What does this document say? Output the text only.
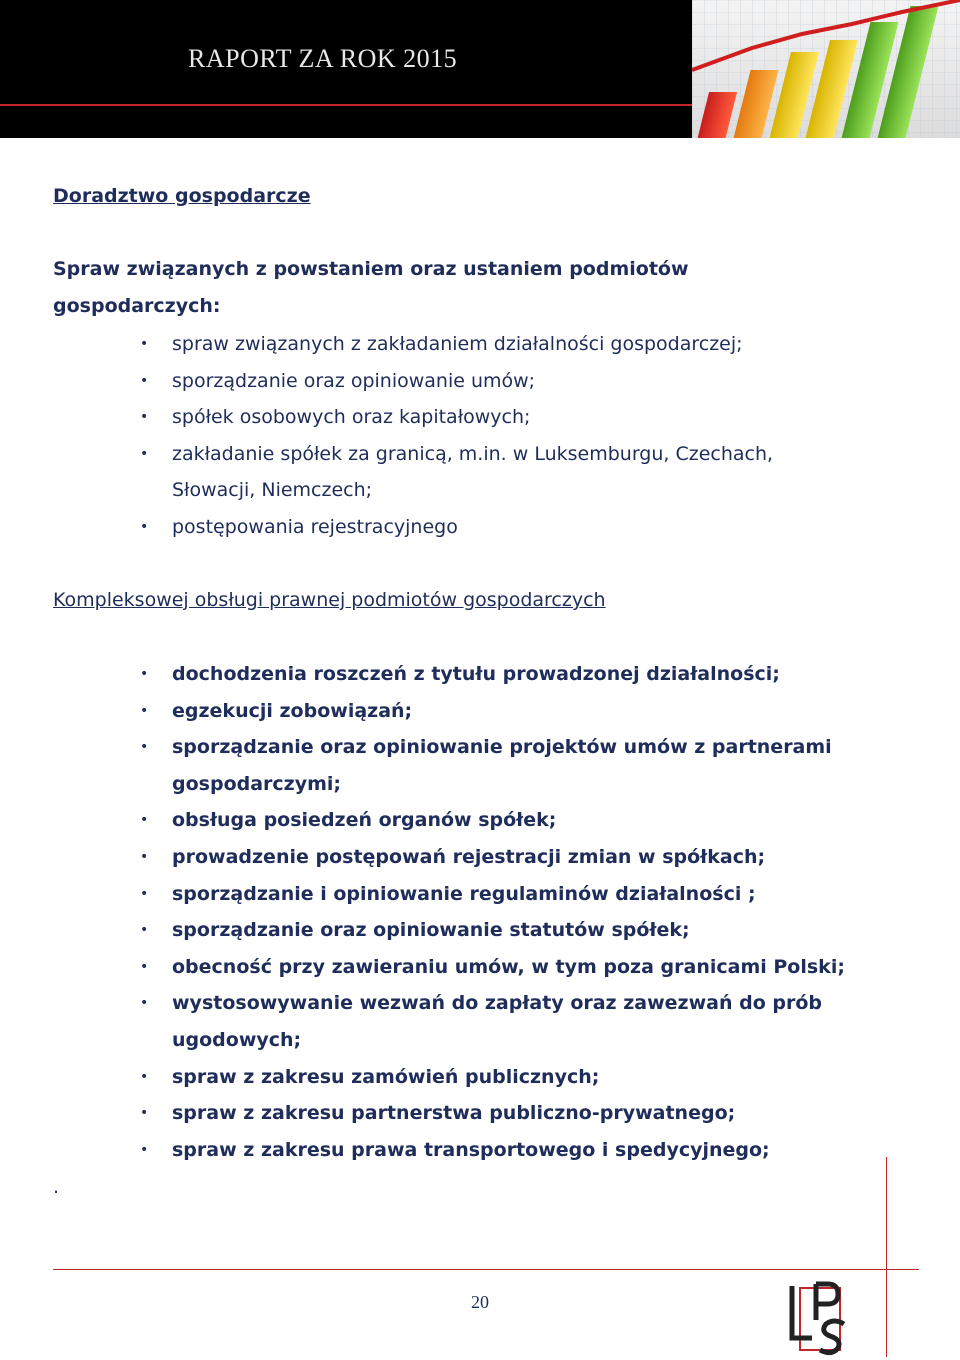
RAPORT ZA ROK 2015
Doradztwo gospodarcze
Spraw związanych z powstaniem oraz ustaniem podmiotów
gospodarczych:
• spraw związanych z zakładaniem działalności gospodarczej;
• sporządzanie oraz opiniowanie umów;
• spółek osobowych oraz kapitałowych;
• zakładanie spółek za granicą, m.in. w Luksemburgu, Czechach,
Słowacji, Niemczech;
• postępowania rejestracyjnego
Kompleksowej obsługi prawnej podmiotów gospodarczych
• dochodzenia roszczeń z tytułu prowadzonej działalności;
• egzekucji zobowiązań;
• sporządzanie oraz opiniowanie projektów umów z partnerami
gospodarczymi;
• obsługa posiedzeń organów spółek;
• prowadzenie postępowań rejestracji zmian w spółkach;
• sporządzanie i opiniowanie regulaminów działalności ;
• sporządzanie oraz opiniowanie statutów spółek;
• obecność przy zawieraniu umów, w tym poza granicami Polski;
• wystosowywanie wezwań do zapłaty oraz zawezwań do prób
ugodowych;
• spraw z zakresu zamówień publicznych;
• spraw z zakresu partnerstwa publiczno-prywatnego;
• spraw z zakresu prawa transportowego i spedycyjnego;
.
20
